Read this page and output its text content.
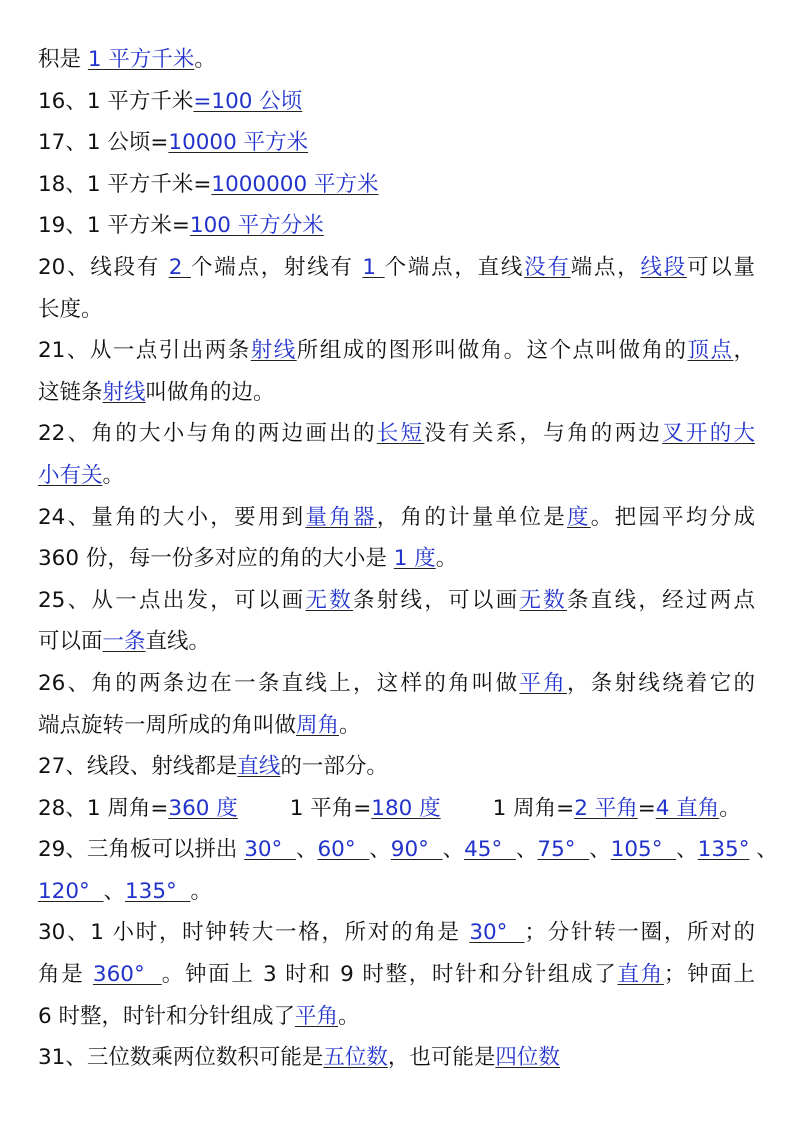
积是 1 平方千米。
16、1 平方千米=100 公顷
17、1 公顷=10000 平方米
18、1 平方千米=1000000 平方米
19、1 平方米=100 平方分米
20、线段有 2 个端点，射线有 1 个端点，直线没有端点，线段可以量
长度。
21、从一点引出两条射线所组成的图形叫做角。这个点叫做角的顶点，
这链条射线叫做角的边。
22、角的大小与角的两边画出的长短没有关系，与角的两边叉开的大
小有关。
24、量角的大小，要用到量角器，角的计量单位是度。把园平均分成
360 份，每一份多对应的角的大小是 1 度。
25、从一点出发，可以画无数条射线，可以画无数条直线，经过两点
可以面一条直线。
26、角的两条边在一条直线上，这样的角叫做平角，条射线绕着它的
端点旋转一周所成的角叫做周角。
27、线段、射线都是直线的一部分。
28、1 周角=360 度 1 平角=180 度 1 周角=2 平角=4 直角。
29、三角板可以拼出 30°  、60°  、90°  、45°  、75°  、105°  、135° 、
120°  、135°  。
30、1 小时，时钟转大一格，所对的角是 30°  ；分针转一圈，所对的
角是 360°  。钟面上 3 时和 9 时整，时针和分针组成了直角；钟面上
6 时整，时针和分针组成了平角。
31、三位数乘两位数积可能是五位数，也可能是四位数
